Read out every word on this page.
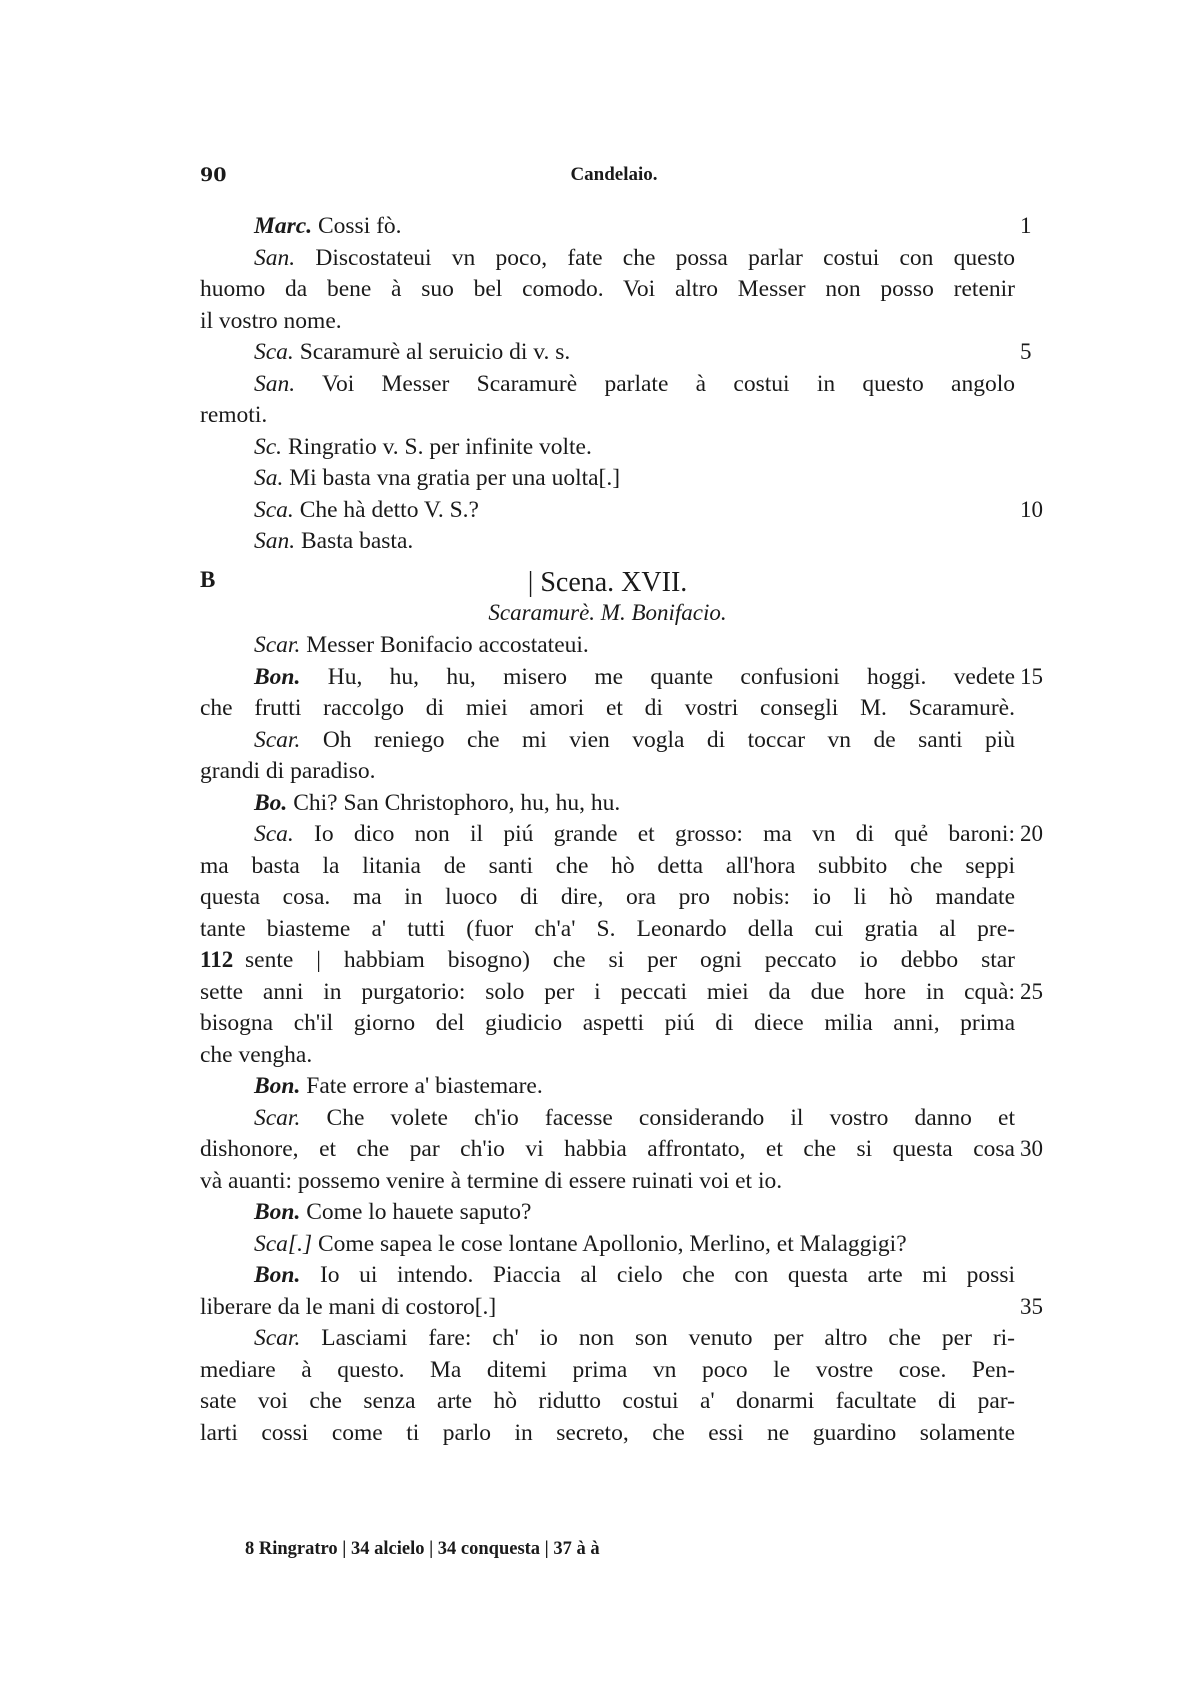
90	Candelaio.
Marc. Cossi fò.	1
San. Discostateui vn poco, fate che possa parlar costui con questo
huomo da bene à suo bel comodo. Voi altro Messer non posso retenir
il vostro nome.
Sca. Scaramurè al seruicio di v. s.	5
San. Voi Messer Scaramurè parlate à costui in questo angolo
remoti.
Sc. Ringratio v. S. per infinite volte.
Sa. Mi basta vna gratia per una uolta[.]
Sca. Che hà detto V. S.?	10
San. Basta basta.
B	| Scena. XVII.
Scaramurè. M. Bonifacio.
Scar. Messer Bonifacio accostateui.
Bon. Hu, hu, hu, misero me quante confusioni hoggi. vedete 15
che frutti raccolgo di miei amori et di vostri consegli M. Scaramurè.
Scar. Oh reniego che mi vien vogla di toccar vn de santi più
grandi di paradiso.
Bo. Chi? San Christophoro, hu, hu, hu.
Sca. Io dico non il piú grande et grosso: ma vn di quẻ baroni: 20
ma basta la litania de santi che hò detta all'hora subbito che seppi
questa cosa. ma in luoco di dire, ora pro nobis: io li hò mandate
tante biasteme a' tutti (fuor ch'a' S. Leonardo della cui gratia al pre-
sente | habbiam bisogno) che si per ogni peccato io debbo star
112
sette anni in purgatorio: solo per i peccati miei da due hore in cquà: 25
bisogna ch'il giorno del giudicio aspetti piú di diece milia anni, prima
che vengha.
Bon. Fate errore a' biastemare.
Scar. Che volete ch'io facesse considerando il vostro danno et
dishonore, et che par ch'io vi habbia affrontato, et che si questa cosa 30
và auanti: possemo venire à termine di essere ruinati voi et io.
Bon. Come lo hauete saputo?
Sca[.] Come sapea le cose lontane Apollonio, Merlino, et Malaggigi?
Bon. Io ui intendo. Piaccia al cielo che con questa arte mi possi
liberare da le mani di costoro[.]	35
Scar. Lasciami fare: ch' io non son venuto per altro che per ri-
mediare à questo. Ma ditemi prima vn poco le vostre cose. Pen-
sate voi che senza arte hò ridutto costui a' donarmi facultate di par-
larti cossi come ti parlo in secreto, che essi ne guardino solamente
8 Ringratro | 34 alcielo | 34 conquesta | 37 à à
